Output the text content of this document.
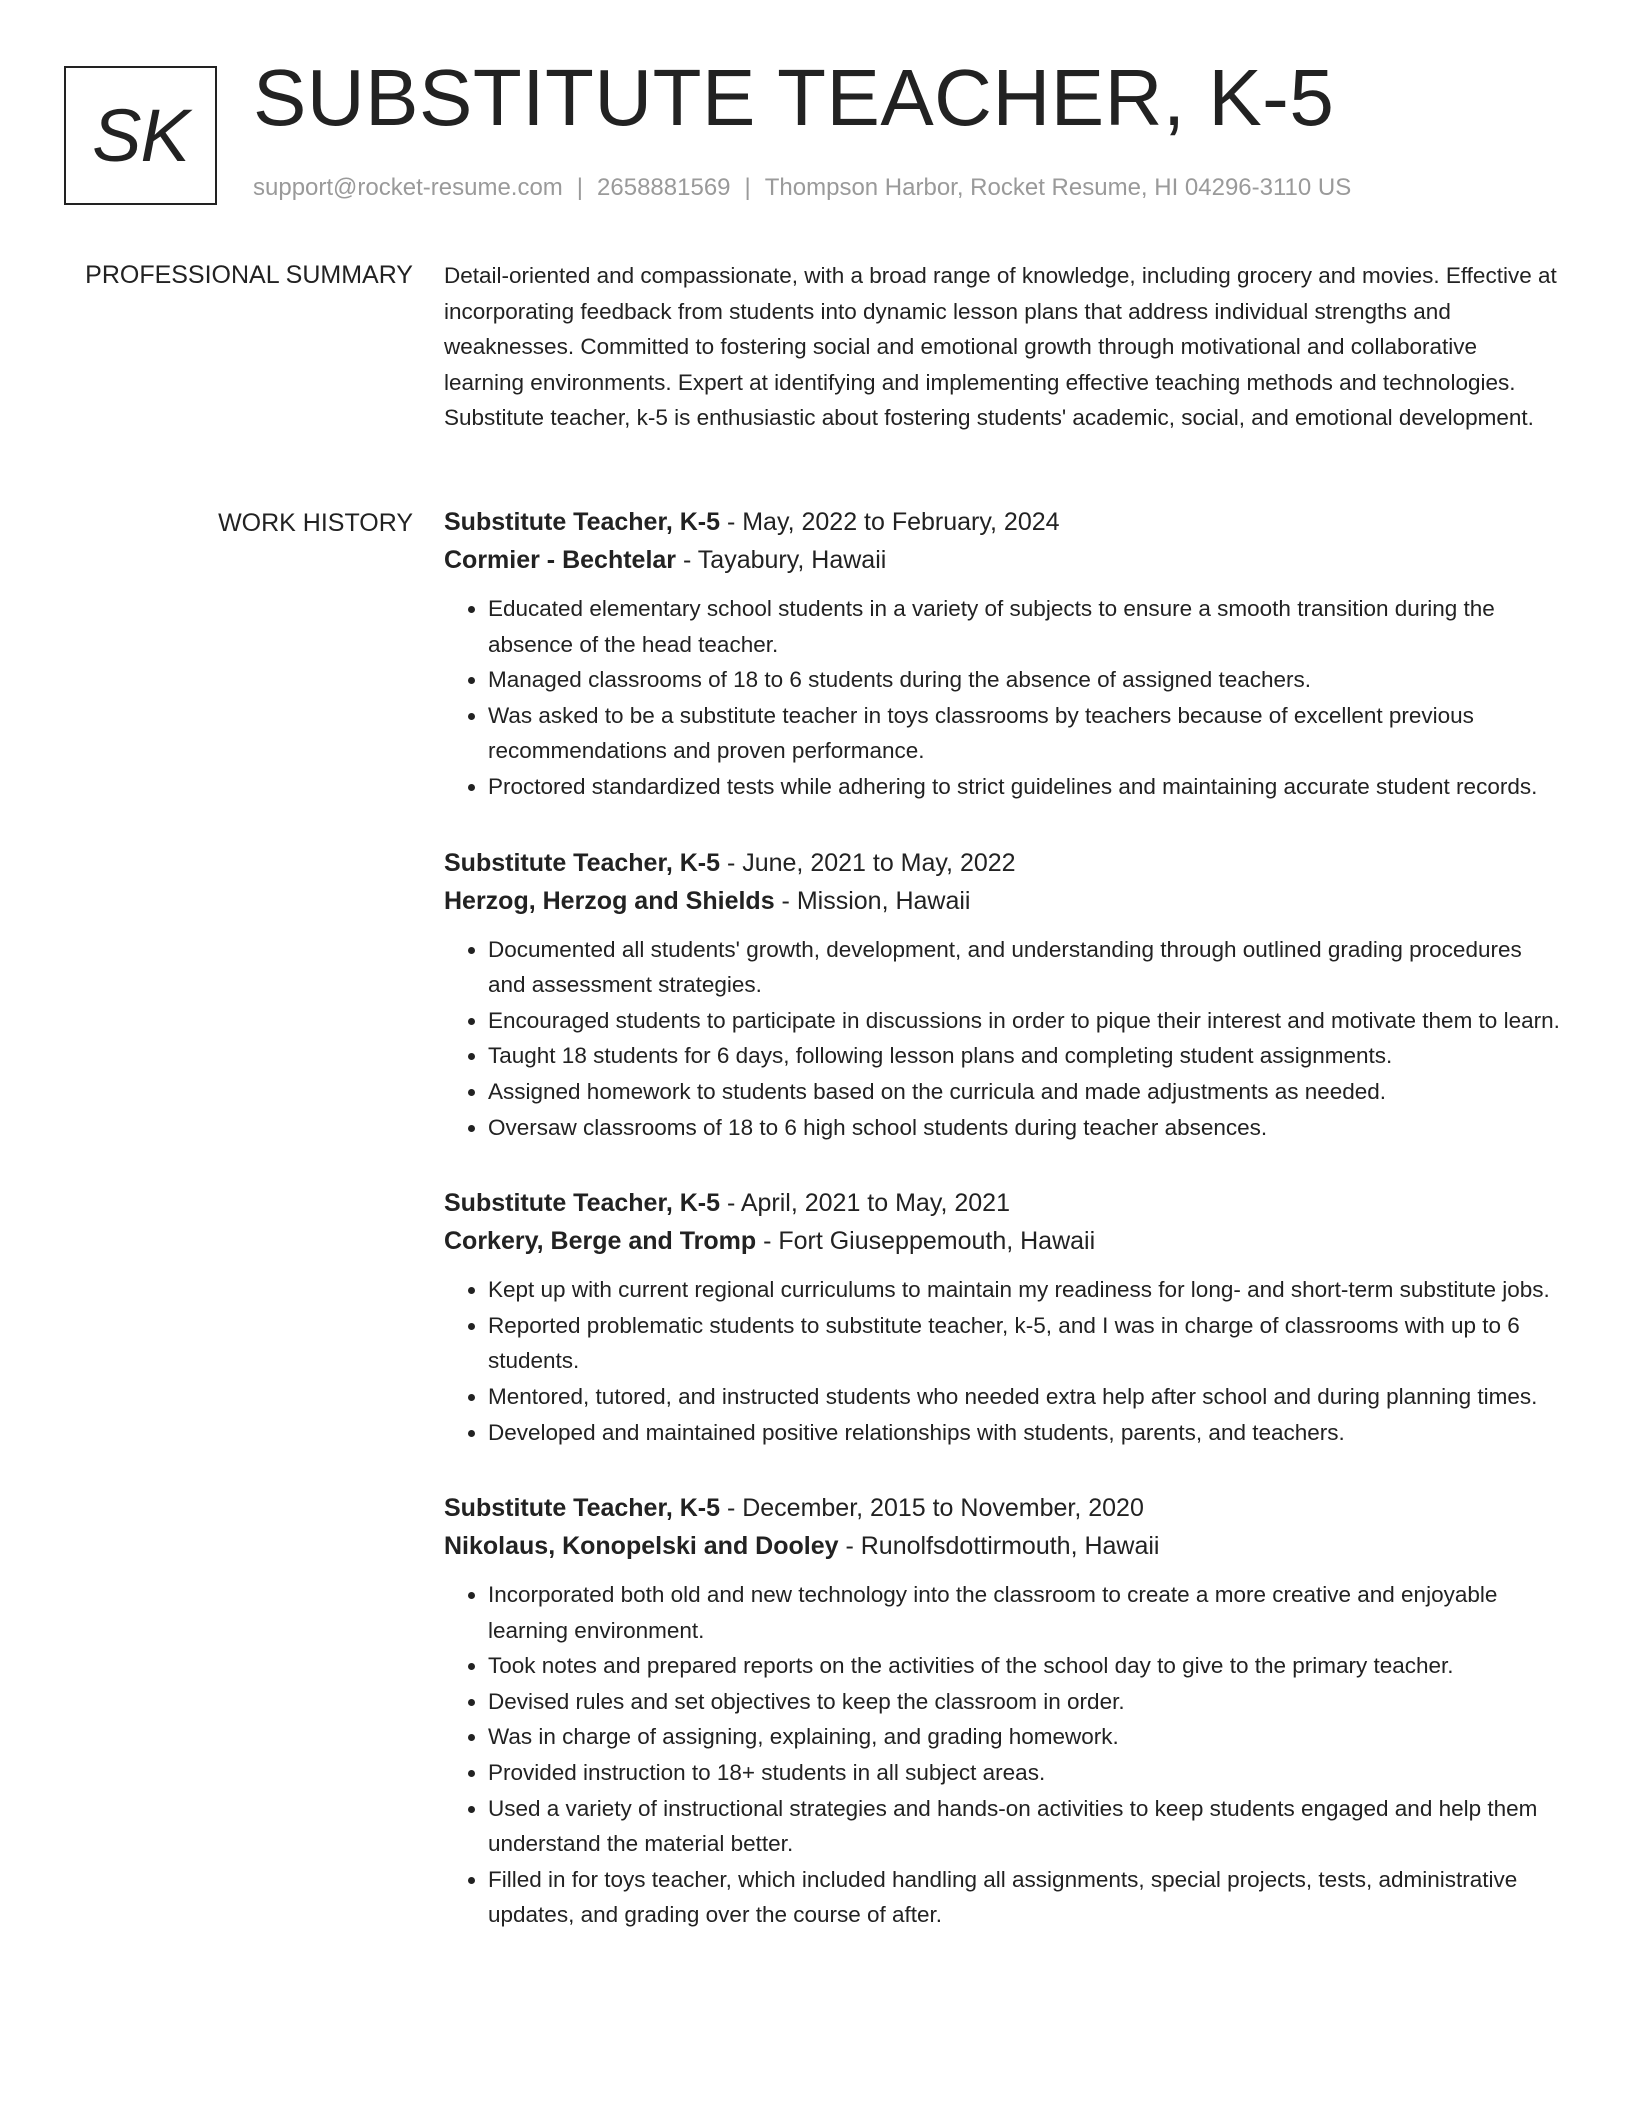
SK SUBSTITUTE TEACHER, K-5
support@rocket-resume.com | 2658881569 | Thompson Harbor, Rocket Resume, HI 04296-3110 US
PROFESSIONAL SUMMARY Detail-oriented and compassionate, with a broad range of knowledge, including grocery and movies. Effective at incorporating feedback from students into dynamic lesson plans that address individual strengths and weaknesses. Committed to fostering social and emotional growth through motivational and collaborative learning environments. Expert at identifying and implementing effective teaching methods and technologies. Substitute teacher, k-5 is enthusiastic about fostering students' academic, social, and emotional development.

WORK HISTORY Substitute Teacher, K-5 - May, 2022 to February, 2024
Cormier - Bechtelar - Tayabury, Hawaii
• Educated elementary school students in a variety of subjects to ensure a smooth transition during the absence of the head teacher.
• Managed classrooms of 18 to 6 students during the absence of assigned teachers.
• Was asked to be a substitute teacher in toys classrooms by teachers because of excellent previous recommendations and proven performance.
• Proctored standardized tests while adhering to strict guidelines and maintaining accurate student records.
Substitute Teacher, K-5 - June, 2021 to May, 2022
Herzog, Herzog and Shields - Mission, Hawaii
• Documented all students' growth, development, and understanding through outlined grading procedures and assessment strategies.
• Encouraged students to participate in discussions in order to pique their interest and motivate them to learn.
• Taught 18 students for 6 days, following lesson plans and completing student assignments.
• Assigned homework to students based on the curricula and made adjustments as needed.
• Oversaw classrooms of 18 to 6 high school students during teacher absences.
Substitute Teacher, K-5 - April, 2021 to May, 2021
Corkery, Berge and Tromp - Fort Giuseppemouth, Hawaii
• Kept up with current regional curriculums to maintain my readiness for long- and short-term substitute jobs.
• Reported problematic students to substitute teacher, k-5, and I was in charge of classrooms with up to 6 students.
• Mentored, tutored, and instructed students who needed extra help after school and during planning times.
• Developed and maintained positive relationships with students, parents, and teachers.
Substitute Teacher, K-5 - December, 2015 to November, 2020
Nikolaus, Konopelski and Dooley - Runolfsdottirmouth, Hawaii
• Incorporated both old and new technology into the classroom to create a more creative and enjoyable learning environment.
• Took notes and prepared reports on the activities of the school day to give to the primary teacher.
• Devised rules and set objectives to keep the classroom in order.
• Was in charge of assigning, explaining, and grading homework.
• Provided instruction to 18+ students in all subject areas.
• Used a variety of instructional strategies and hands-on activities to keep students engaged and help them understand the material better.
• Filled in for toys teacher, which included handling all assignments, special projects, tests, administrative updates, and grading over the course of after.
